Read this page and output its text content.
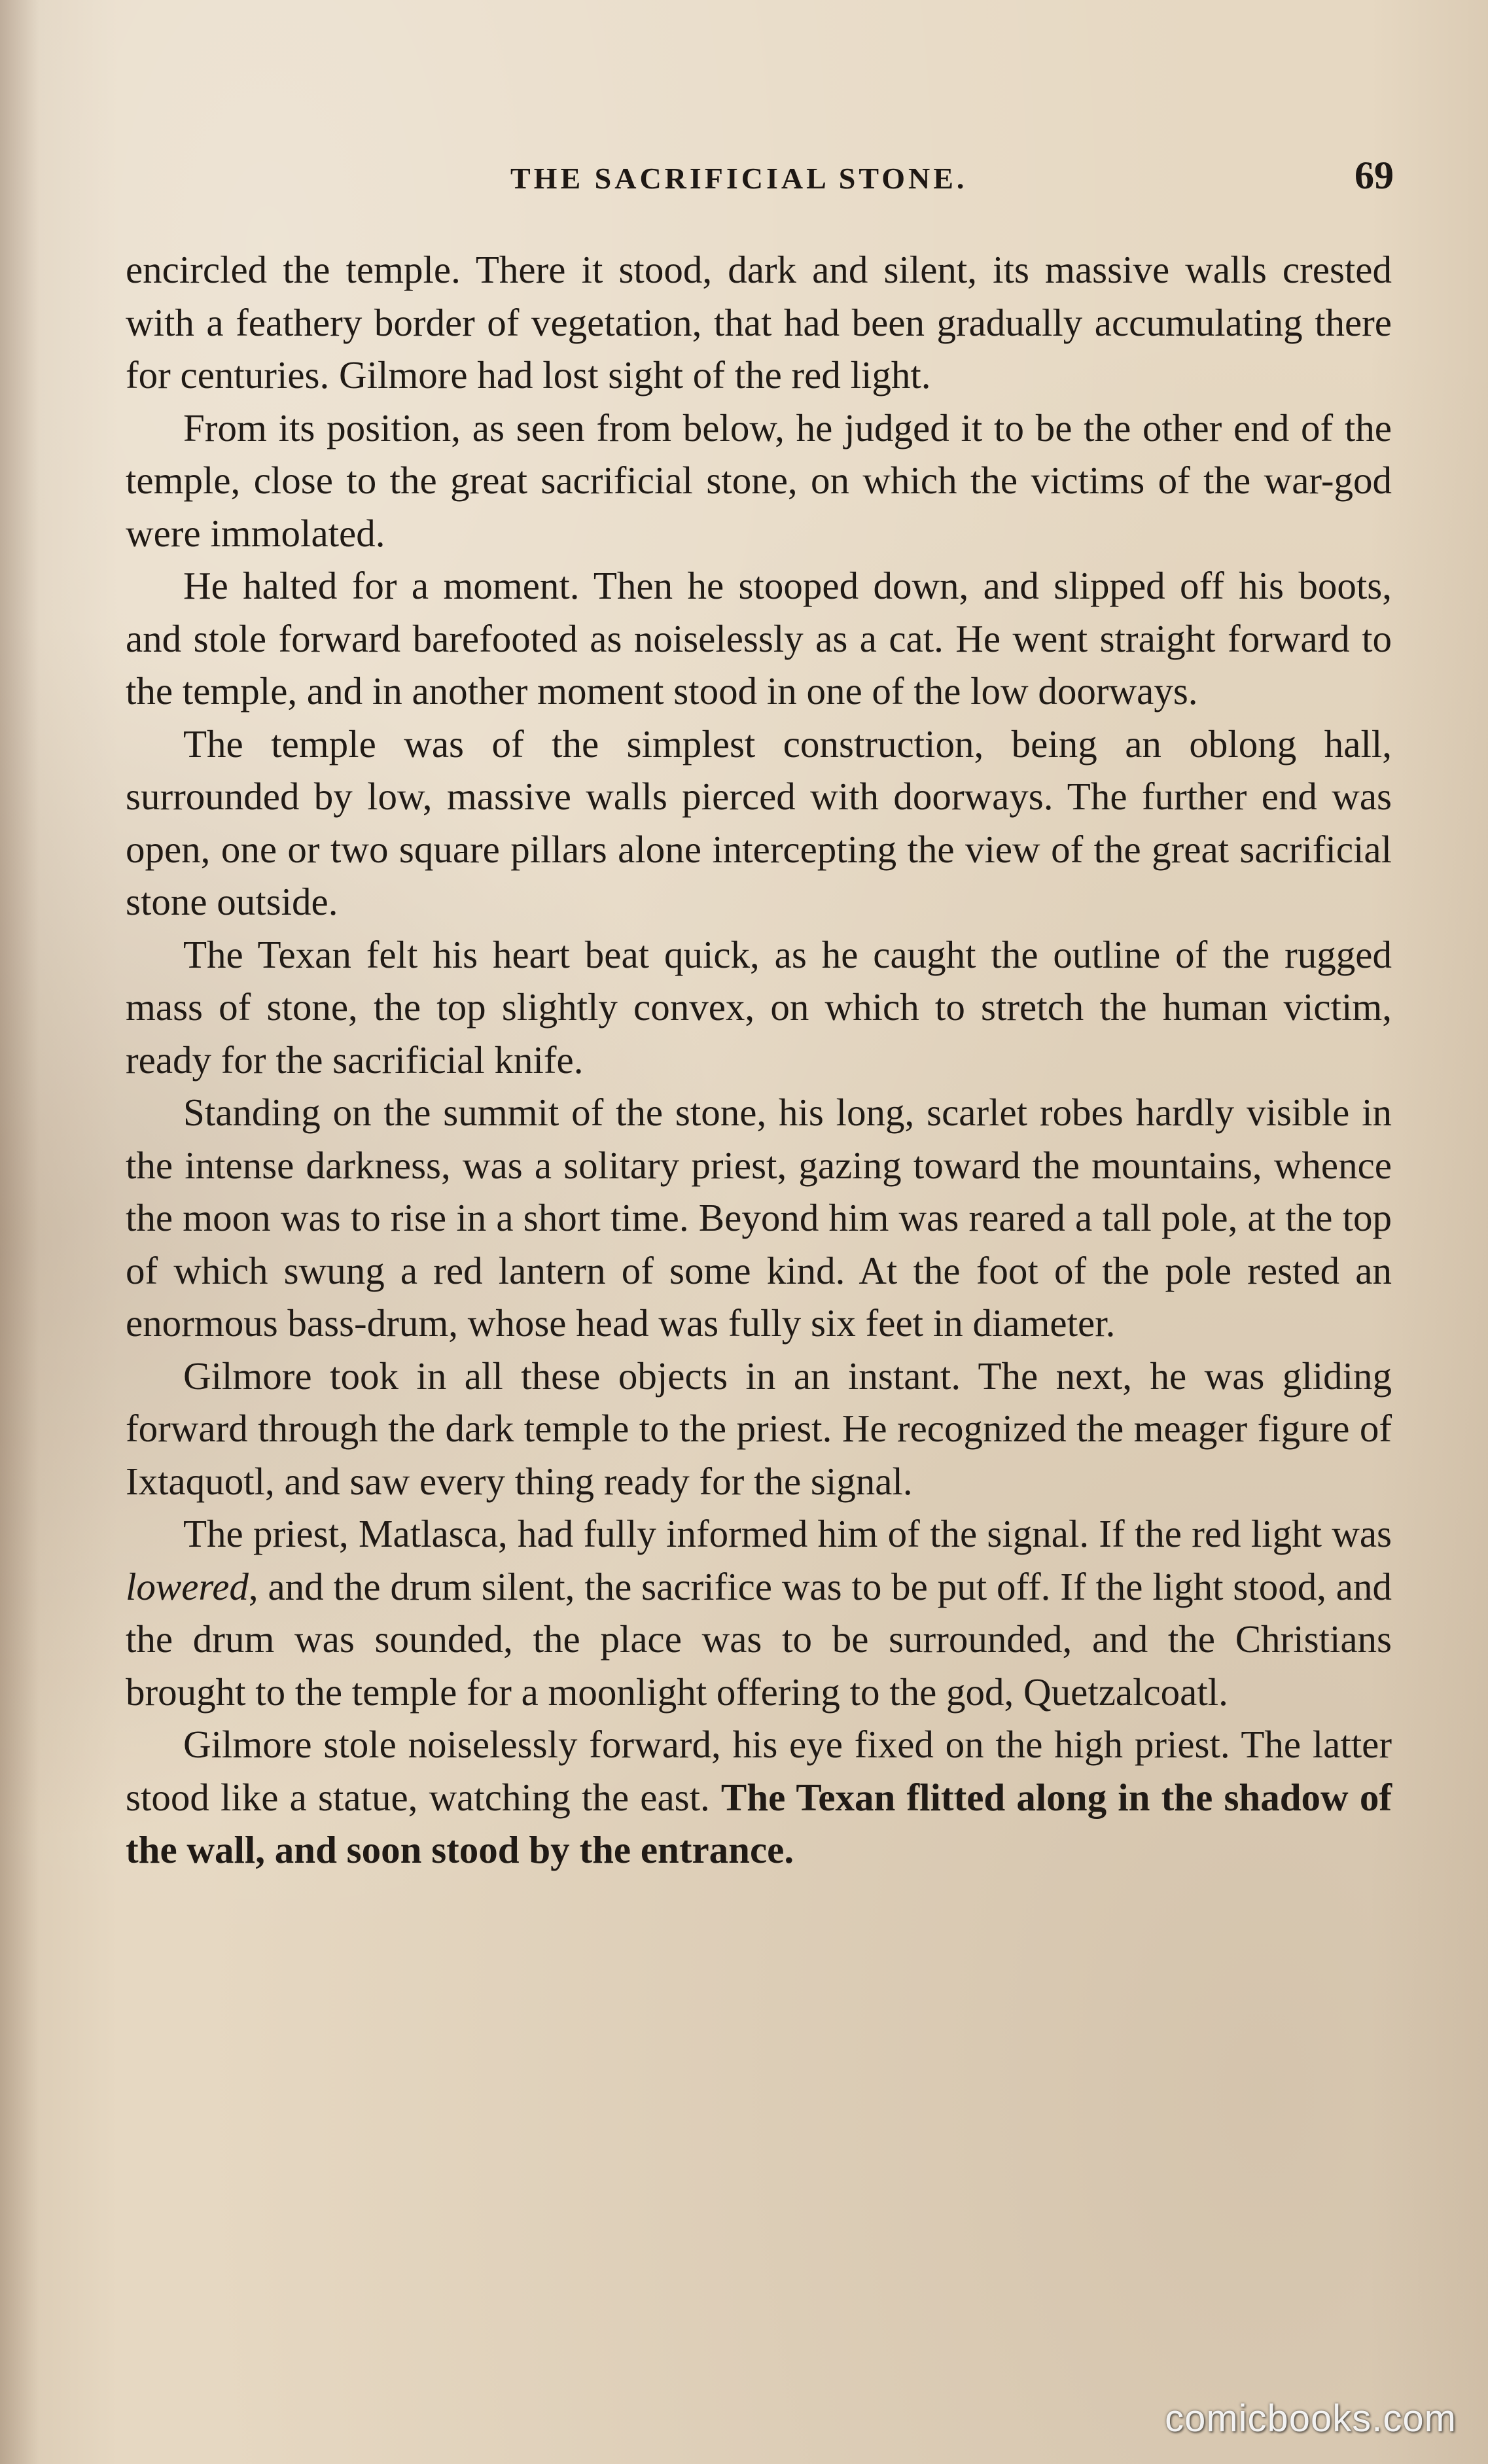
THE SACRIFICIAL STONE.	69

encircled the temple. There it stood, dark and silent, its massive walls crested with a feathery border of vegetation, that had been gradually accumulating there for centuries. Gilmore had lost sight of the red light.

From its position, as seen from below, he judged it to be the other end of the temple, close to the great sacrificial stone, on which the victims of the war-god were immolated.

He halted for a moment. Then he stooped down, and slipped off his boots, and stole forward barefooted as noiselessly as a cat. He went straight forward to the temple, and in another moment stood in one of the low doorways.

The temple was of the simplest construction, being an oblong hall, surrounded by low, massive walls pierced with doorways. The further end was open, one or two square pillars alone intercepting the view of the great sacrificial stone outside.

The Texan felt his heart beat quick, as he caught the outline of the rugged mass of stone, the top slightly convex, on which to stretch the human victim, ready for the sacrificial knife.

Standing on the summit of the stone, his long, scarlet robes hardly visible in the intense darkness, was a solitary priest, gazing toward the mountains, whence the moon was to rise in a short time. Beyond him was reared a tall pole, at the top of which swung a red lantern of some kind. At the foot of the pole rested an enormous bass-drum, whose head was fully six feet in diameter.

Gilmore took in all these objects in an instant. The next, he was gliding forward through the dark temple to the priest. He recognized the meager figure of Ixtaquotl, and saw every thing ready for the signal.

The priest, Matlasca, had fully informed him of the signal. If the red light was lowered, and the drum silent, the sacrifice was to be put off. If the light stood, and the drum was sounded, the place was to be surrounded, and the Christians brought to the temple for a moonlight offering to the god, Quetzalcoatl.

Gilmore stole noiselessly forward, his eye fixed on the high priest. The latter stood like a statue, watching the east. The Texan flitted along in the shadow of the wall, and soon stood by the entrance.

comicbooks.com
